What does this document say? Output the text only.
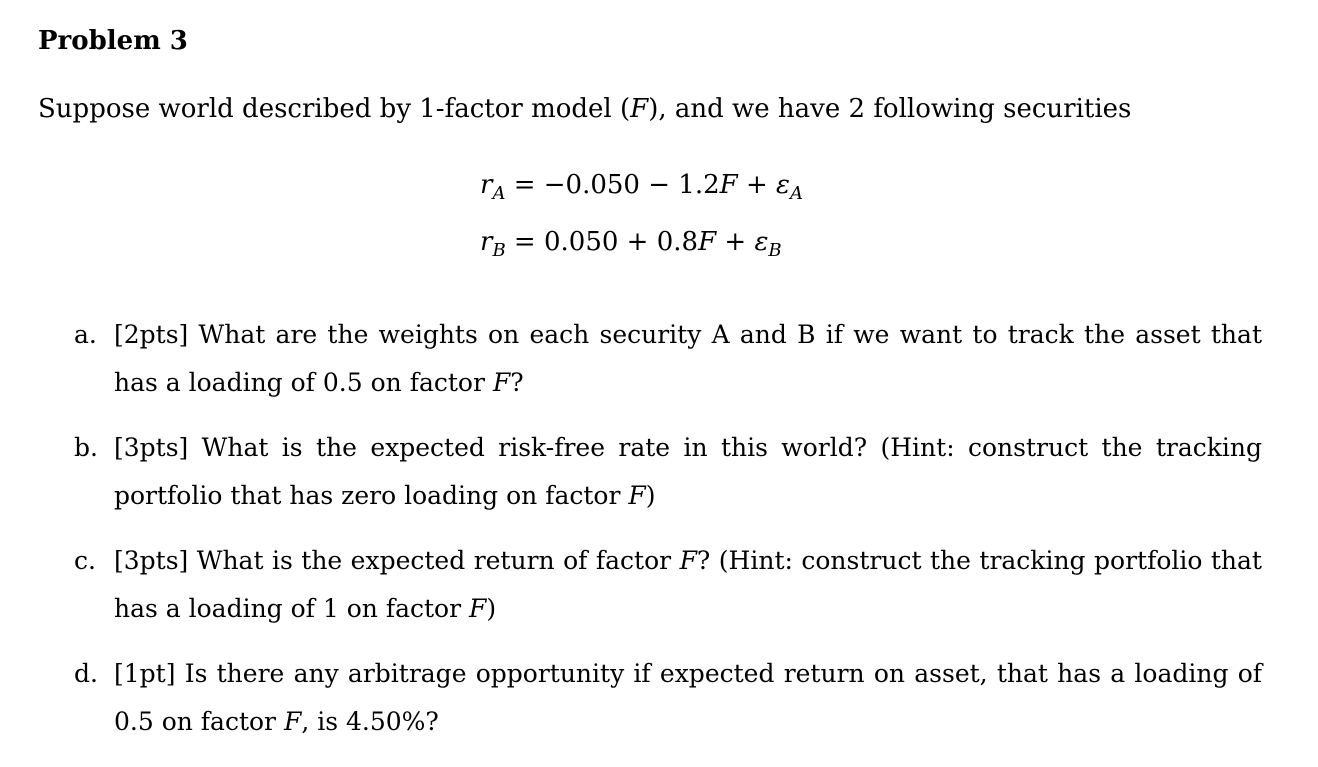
Problem 3
Suppose world described by 1-factor model (F), and we have 2 following securities
$r_A = -0.050 - 1.2F + \varepsilon_A$
$r_B = 0.050 + 0.8F + \varepsilon_B$
a. [2pts] What are the weights on each security A and B if we want to track the asset that has a loading of 0.5 on factor F?
b. [3pts] What is the expected risk-free rate in this world? (Hint: construct the tracking portfolio that has zero loading on factor F)
c. [3pts] What is the expected return of factor F? (Hint: construct the tracking portfolio that has a loading of 1 on factor F)
d. [1pt] Is there any arbitrage opportunity if expected return on asset, that has a loading of 0.5 on factor F, is 4.50%?
